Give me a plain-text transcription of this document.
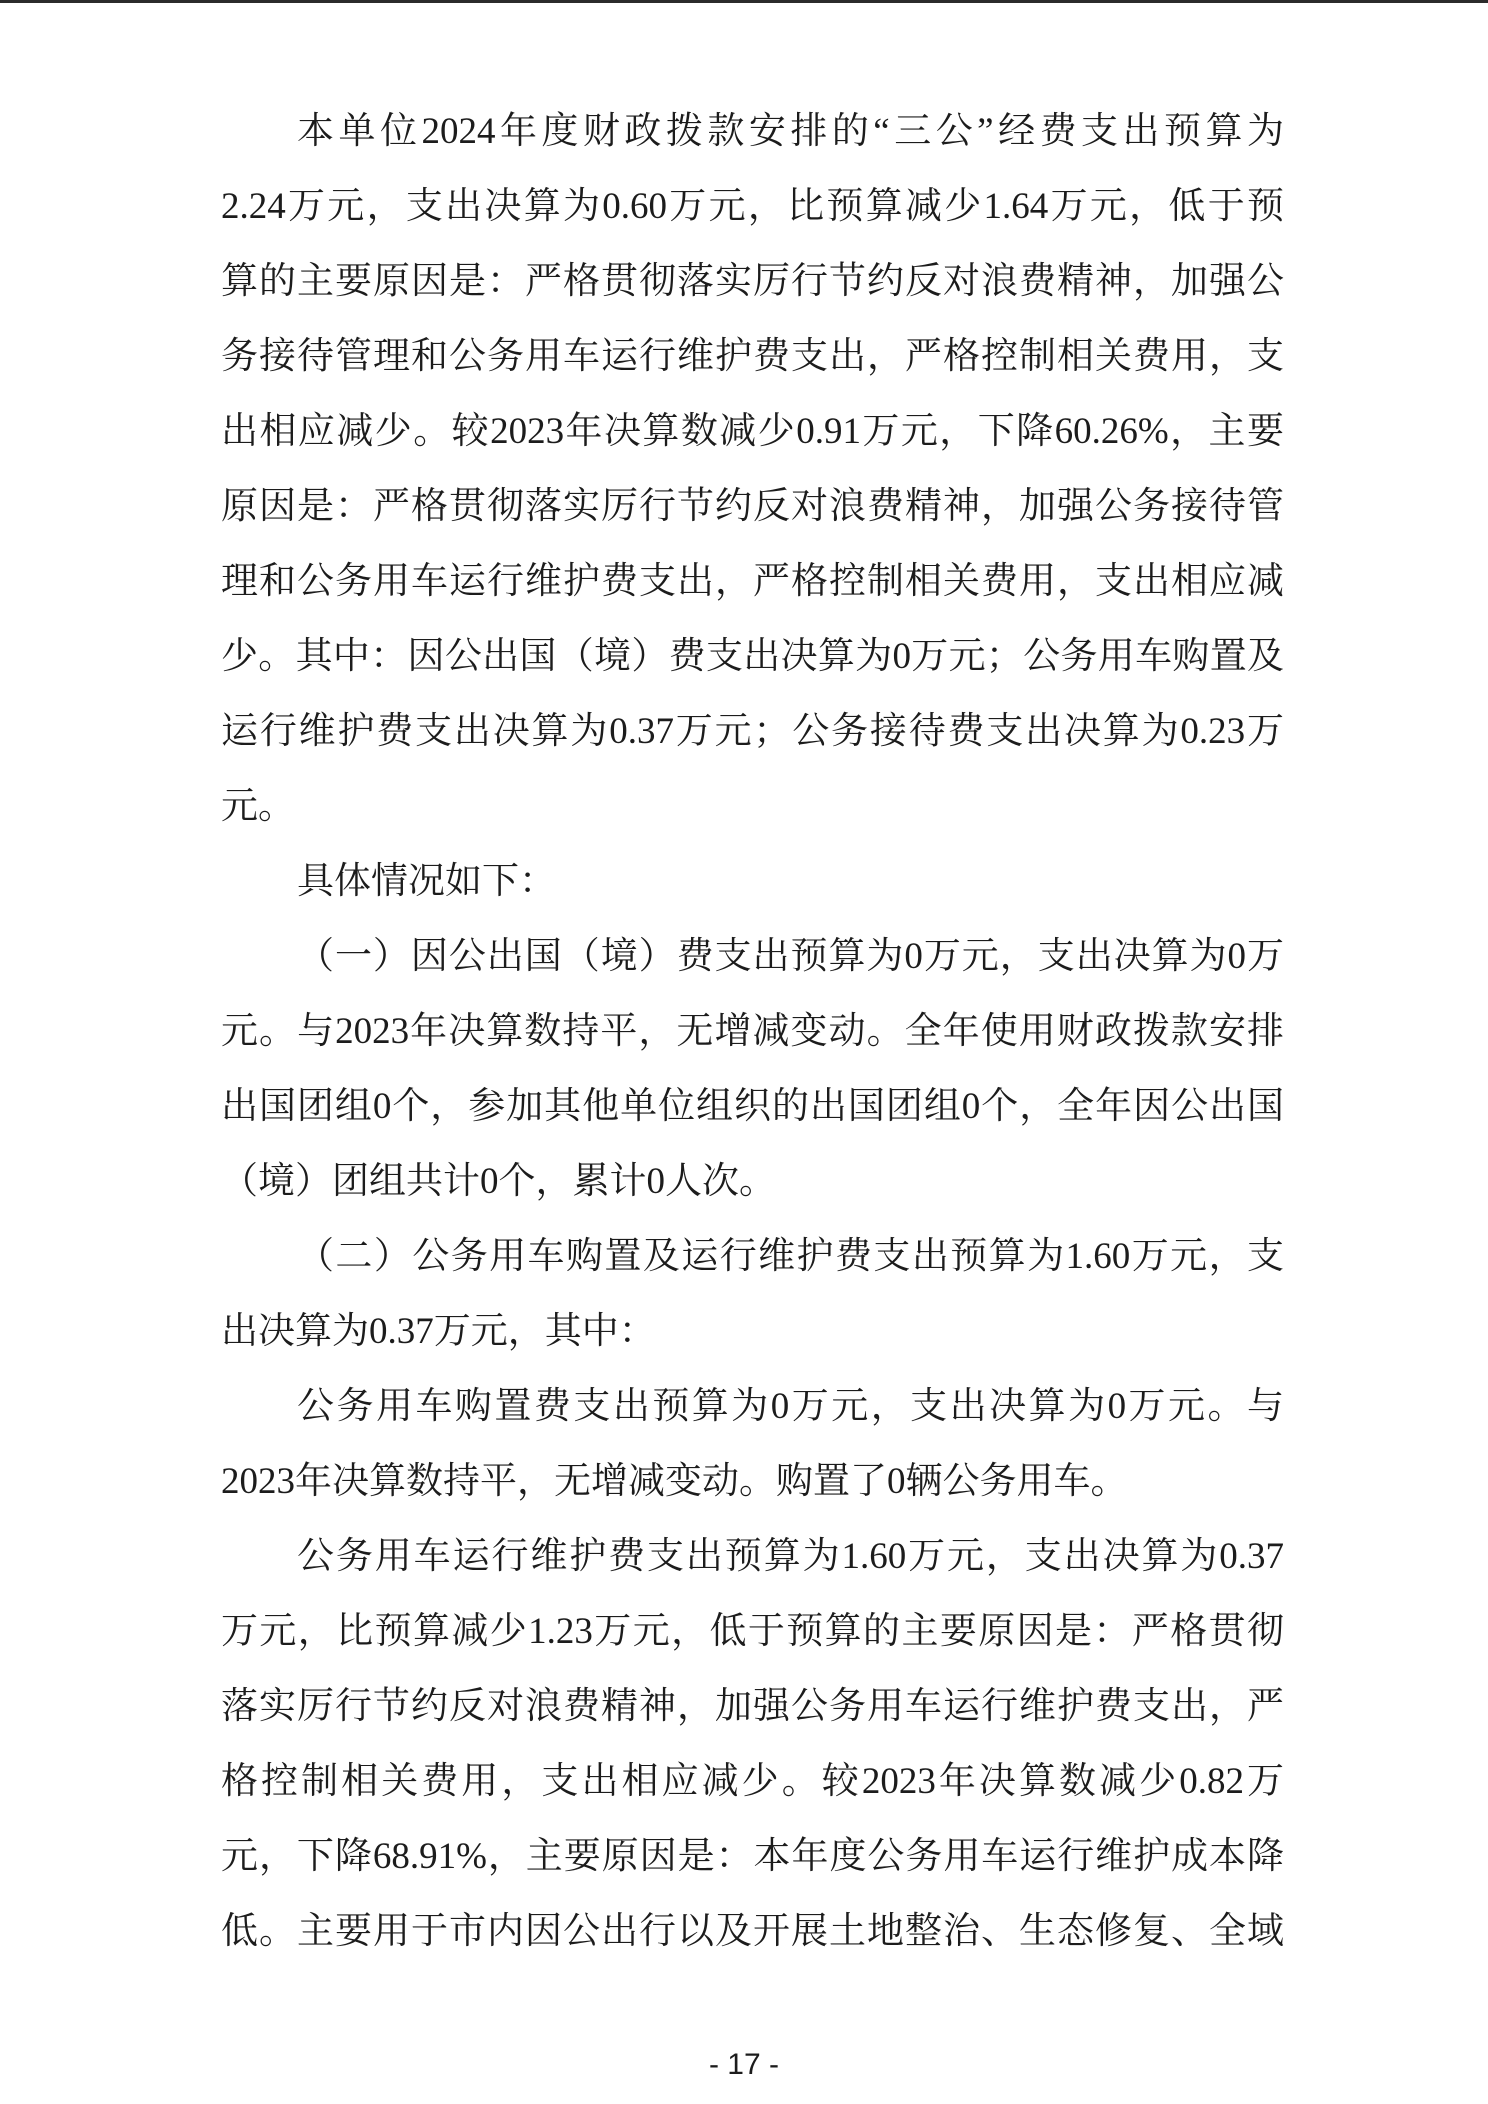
本单位2024年度财政拨款安排的“三公”经费支出预算为
2.24万元，支出决算为0.60万元，比预算减少1.64万元，低于预
算的主要原因是：严格贯彻落实厉行节约反对浪费精神，加强公
务接待管理和公务用车运行维护费支出，严格控制相关费用，支
出相应减少。较2023年决算数减少0.91万元，下降60.26%，主要
原因是：严格贯彻落实厉行节约反对浪费精神，加强公务接待管
理和公务用车运行维护费支出，严格控制相关费用，支出相应减
少。其中：因公出国（境）费支出决算为0万元；公务用车购置及
运行维护费支出决算为0.37万元；公务接待费支出决算为0.23万
元。
具体情况如下：
（一）因公出国（境）费支出预算为0万元，支出决算为0万
元。与2023年决算数持平，无增减变动。全年使用财政拨款安排
出国团组0个，参加其他单位组织的出国团组0个，全年因公出国
（境）团组共计0个，累计0人次。
（二）公务用车购置及运行维护费支出预算为1.60万元，支
出决算为0.37万元，其中：
公务用车购置费支出预算为0万元，支出决算为0万元。与
2023年决算数持平，无增减变动。购置了0辆公务用车。
公务用车运行维护费支出预算为1.60万元，支出决算为0.37
万元，比预算减少1.23万元，低于预算的主要原因是：严格贯彻
落实厉行节约反对浪费精神，加强公务用车运行维护费支出，严
格控制相关费用，支出相应减少。较2023年决算数减少0.82万
元，下降68.91%，主要原因是：本年度公务用车运行维护成本降
低。主要用于市内因公出行以及开展土地整治、生态修复、全域
- 17 -
